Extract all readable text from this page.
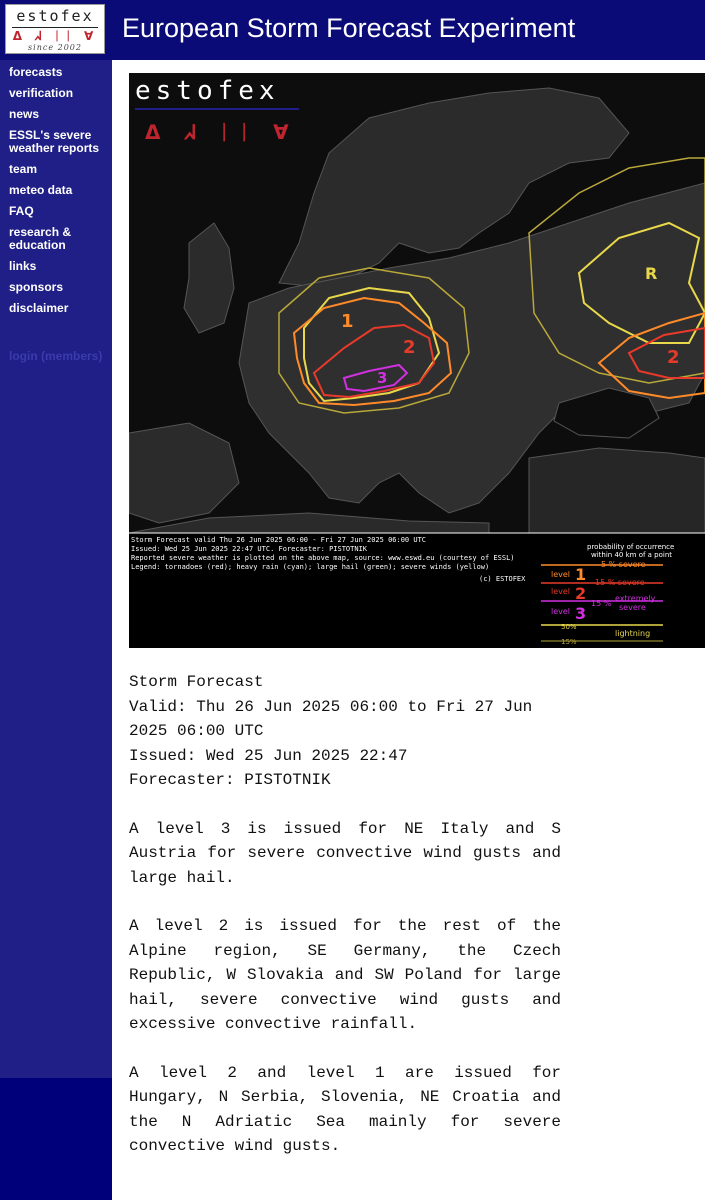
estofex
ᐃ ᖽ ᛁᛁ ∀
since 2002
European Storm Forecast Experiment
forecasts
verification
news
ESSL's severe weather reports
team
meteo data
FAQ
research & education
links
sponsors
disclaimer
login (members)
estofex
ᐃ ᖽ ᛁᛁ ∀
1
2
3
R
2
Storm Forecast valid Thu 26 Jun 2025 06:00 - Fri 27 Jun 2025 06:00 UTC
Issued: Wed 25 Jun 2025 22:47 UTC. Forecaster: PISTOTNIK
Reported severe weather is plotted on the above map, source: www.eswd.eu (courtesy of ESSL)
Legend: tornadoes (red); heavy rain (cyan); large hail (green); severe winds (yellow)
(c) ESTOFEX
probability of occurrence
within 40 km of a point
5 % severe
level 1 15 % severe
level 2
15 %
extremely
severe
level 3
50%
lightning
15%

Storm Forecast
Valid: Thu 26 Jun 2025 06:00 to Fri 27 Jun 2025 06:00 UTC
Issued: Wed 25 Jun 2025 22:47
Forecaster: PISTOTNIK

A level 3 is issued for NE Italy and S Austria for severe convective wind gusts and large hail.

A level 2 is issued for the rest of the Alpine region, SE Germany, the Czech Republic, W Slovakia and SW Poland for large hail, severe convective wind gusts and excessive convective rainfall.

A level 2 and level 1 are issued for Hungary, N Serbia, Slovenia, NE Croatia and the N Adriatic Sea mainly for severe convective wind gusts.
